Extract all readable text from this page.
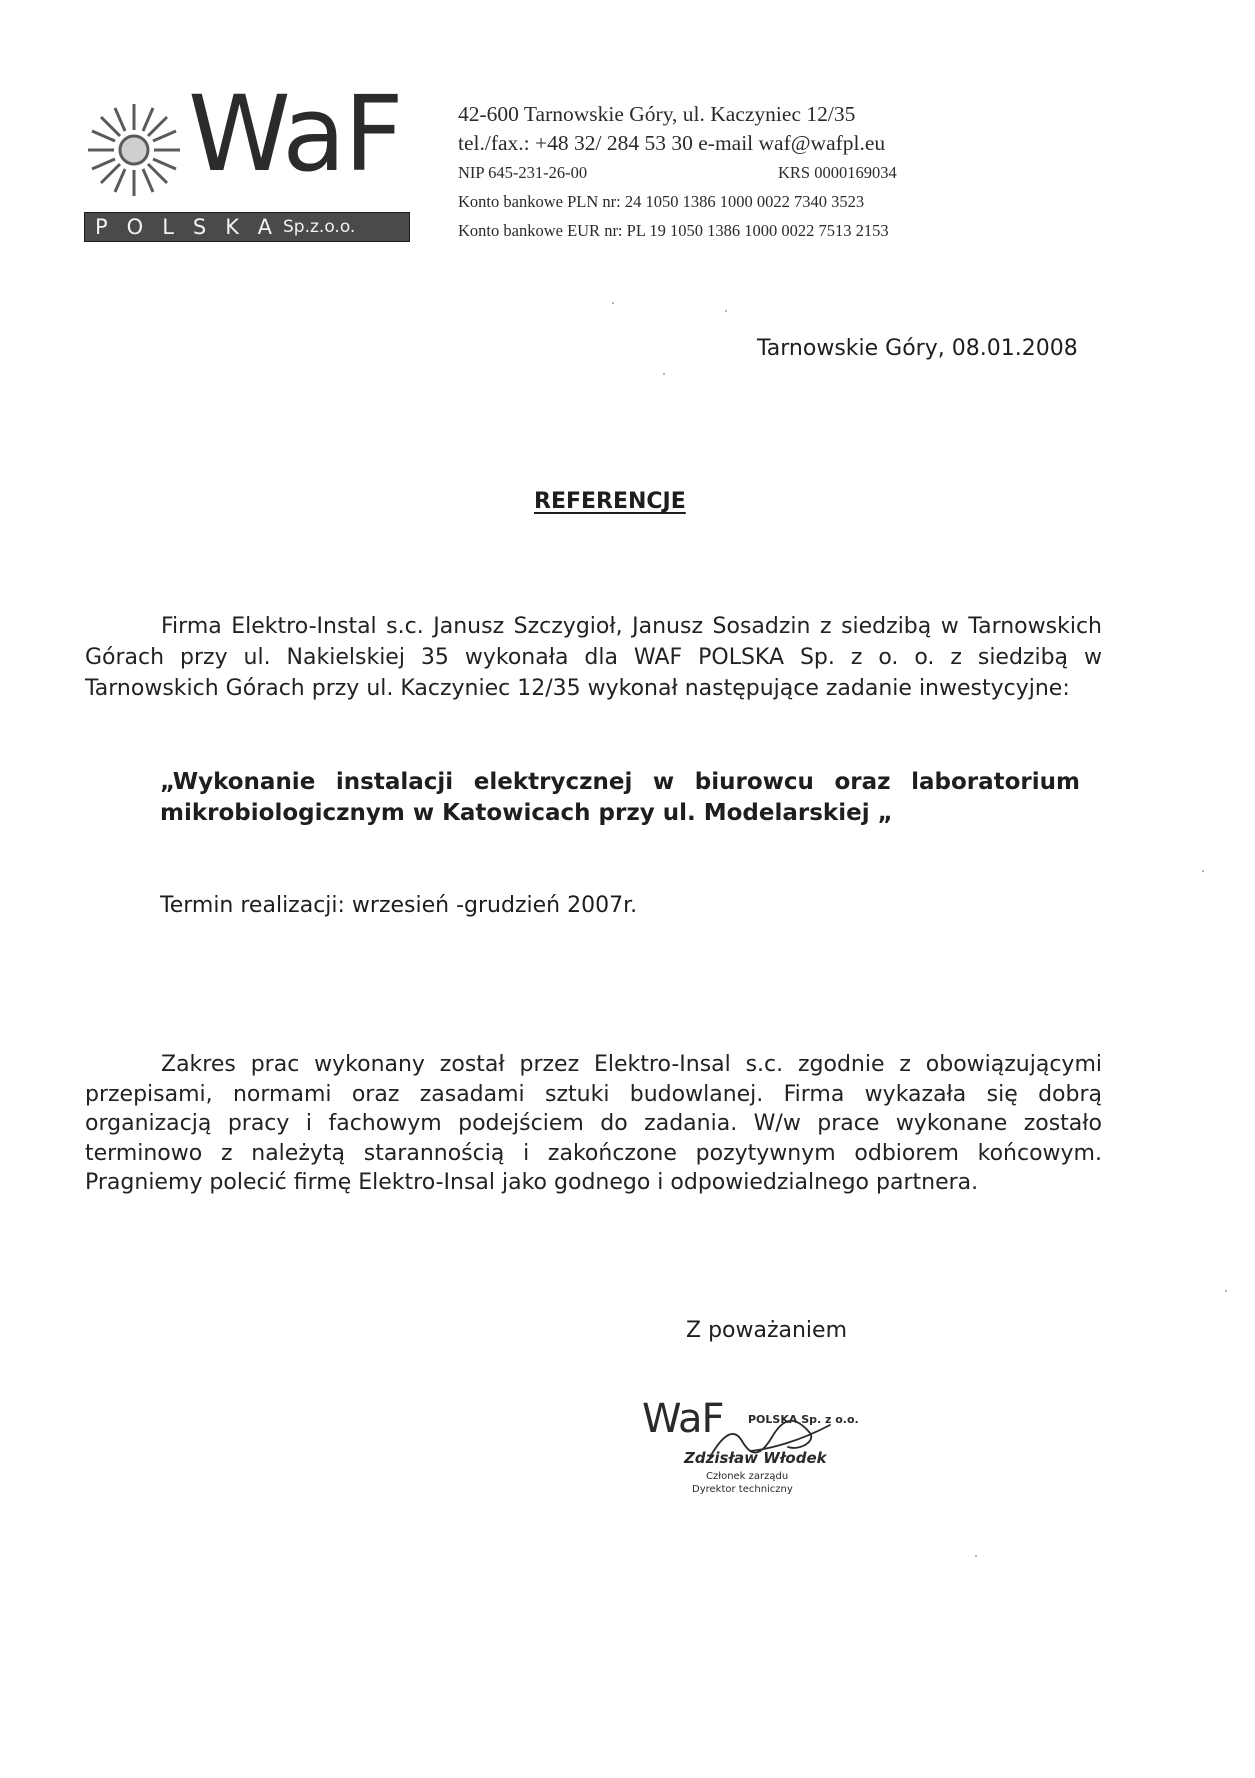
WaF
POLSKA
Sp.z.o.o.
42-600 Tarnowskie Góry, ul. Kaczyniec 12/35
tel./fax.: +48 32/ 284 53 30 e-mail waf@wafpl.eu
NIP 645-231-26-00	KRS 0000169034
Konto bankowe PLN nr: 24 1050 1386 1000 0022 7340 3523
Konto bankowe EUR nr: PL 19 1050 1386 1000 0022 7513 2153
Tarnowskie Góry, 08.01.2008
REFERENCJE

Firma Elektro-Instal s.c. Janusz Szczygioł, Janusz Sosadzin z siedzibą w Tarnowskich Górach przy ul. Nakielskiej 35 wykonała dla WAF POLSKA Sp. z o. o. z siedzibą w Tarnowskich Górach przy ul. Kaczyniec 12/35 wykonał następujące zadanie inwestycyjne:

„Wykonanie instalacji elektrycznej w biurowcu oraz laboratorium mikrobiologicznym w Katowicach przy ul. Modelarskiej „

Termin realizacji: wrzesień -grudzień 2007r.

Zakres prac wykonany został przez Elektro-Insal s.c. zgodnie z obowiązującymi przepisami, normami oraz zasadami sztuki budowlanej. Firma wykazała się dobrą organizacją pracy i fachowym podejściem do zadania. W/w prace wykonane zostało terminowo z należytą starannością i zakończone pozytywnym odbiorem końcowym. Pragniemy polecić firmę Elektro-Insal jako godnego i odpowiedzialnego partnera.

Z poważaniem
WaF POLSKA Sp. z o.o.
Zdzisław Włodek
Członek zarządu
Dyrektor techniczny
